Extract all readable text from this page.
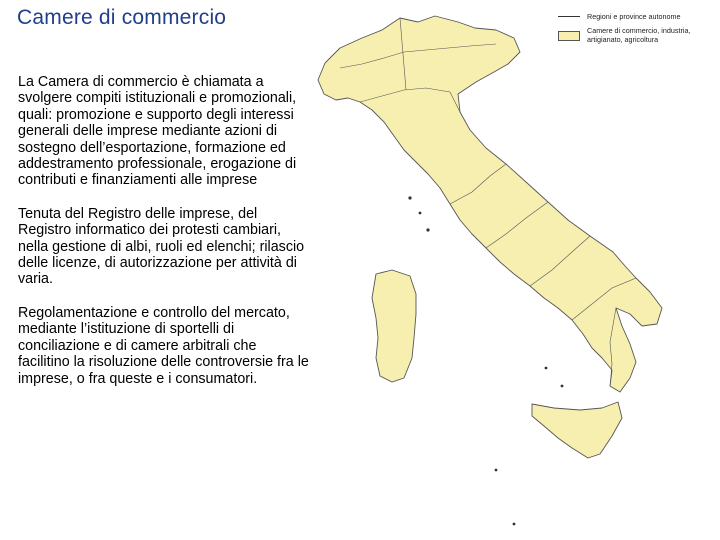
Camere di commercio

La Camera di commercio è chiamata a svolgere compiti istituzionali e promozionali, quali: promozione e supporto degli interessi generali delle imprese mediante azioni di sostegno dell’esportazione, formazione ed addestramento professionale, erogazione di contributi e finanziamenti alle imprese

Tenuta del Registro delle imprese, del Registro informatico dei protesti cambiari, nella gestione di albi, ruoli ed elenchi; rilascio delle licenze, di autorizzazione per attività di varia.

Regolamentazione e controllo del mercato, mediante l’istituzione di sportelli di conciliazione e di camere arbitrali che facilitino la risoluzione delle controversie fra le imprese, o fra queste e i consumatori.

Regioni e province autonome
Camere di commercio, industria, artigianato, agricoltura
